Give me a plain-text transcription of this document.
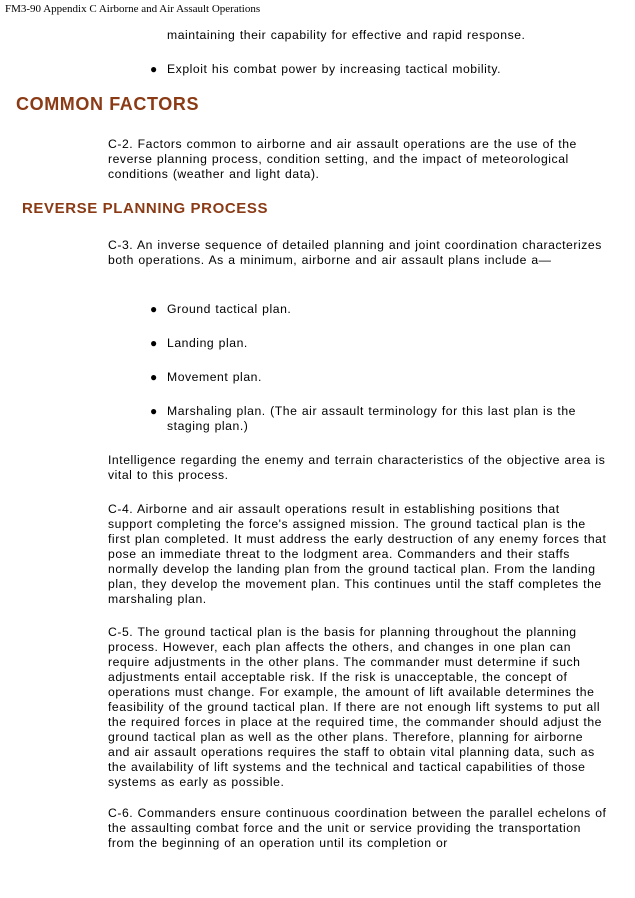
FM3-90 Appendix C Airborne and Air Assault Operations

maintaining their capability for effective and rapid response.

● Exploit his combat power by increasing tactical mobility.
COMMON FACTORS

C-2. Factors common to airborne and air assault operations are the use of the reverse planning process, condition setting, and the impact of meteorological conditions (weather and light data).

REVERSE PLANNING PROCESS

C-3. An inverse sequence of detailed planning and joint coordination characterizes both operations. As a minimum, airborne and air assault plans include a—

● Ground tactical plan.
● Landing plan.
● Movement plan.
● Marshaling plan. (The air assault terminology for this last plan is the staging plan.)

Intelligence regarding the enemy and terrain characteristics of the objective area is vital to this process.

C-4. Airborne and air assault operations result in establishing positions that support completing the force's assigned mission. The ground tactical plan is the first plan completed. It must address the early destruction of any enemy forces that pose an immediate threat to the lodgment area. Commanders and their staffs normally develop the landing plan from the ground tactical plan. From the landing plan, they develop the movement plan. This continues until the staff completes the marshaling plan.

C-5. The ground tactical plan is the basis for planning throughout the planning process. However, each plan affects the others, and changes in one plan can require adjustments in the other plans. The commander must determine if such adjustments entail acceptable risk. If the risk is unacceptable, the concept of operations must change. For example, the amount of lift available determines the feasibility of the ground tactical plan. If there are not enough lift systems to put all the required forces in place at the required time, the commander should adjust the ground tactical plan as well as the other plans. Therefore, planning for airborne and air assault operations requires the staff to obtain vital planning data, such as the availability of lift systems and the technical and tactical capabilities of those systems as early as possible.

C-6. Commanders ensure continuous coordination between the parallel echelons of the assaulting combat force and the unit or service providing the transportation from the beginning of an operation until its completion or
